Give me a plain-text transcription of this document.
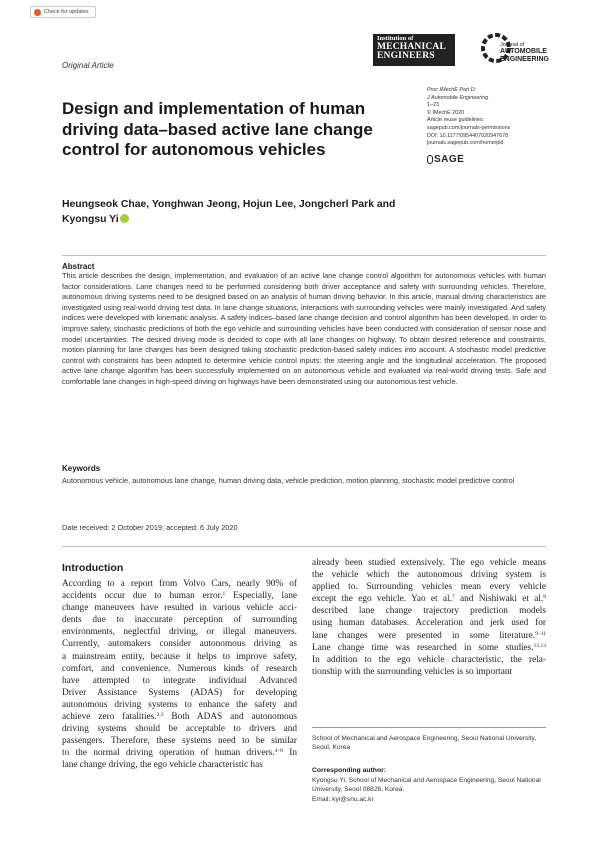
Check for updates
Original Article
Institution of
MECHANICAL
ENGINEERS
Journal of
AUTOMOBILE
ENGINEERING
Design and implementation of human driving data–based active lane change control for autonomous vehicles
Proc IMechE Part D:
J Automobile Engineering
1–23
© IMechE 2020
Article reuse guidelines:
sagepub.com/journals-permissions
DOI: 10.1177/0954407020947678
journals.sagepub.com/home/pid
SAGE
Heungseok Chae, Yonghwan Jeong, Hojun Lee, Jongcherl Park and
Kyongsu Yi
Abstract

This article describes the design, implementation, and evaluation of an active lane change control algorithm for autonomous vehicles with human factor considerations. Lane changes need to be performed considering both driver acceptance and safety with surrounding vehicles. Therefore, autonomous driving systems need to be designed based on an analysis of human driving behavior. In this article, manual driving characteristics are investigated using real-world driving test data. In lane change situations, interactions with surrounding vehicles were mainly investigated. And safety indices were developed with kinematic analysis. A safety indices–based lane change decision and control algorithm has been developed. In order to improve safety, stochastic predictions of both the ego vehicle and surrounding vehicles have been conducted with consideration of sensor noise and model uncertainties. The desired driving mode is decided to cope with all lane changes on highway. To obtain desired reference and constraints, motion planning for lane changes has been designed taking stochastic prediction-based safety indices into account. A stochastic model predictive control with constraints has been adopted to determine vehicle control inputs: the steering angle and the longitudinal acceleration. The proposed active lane change algorithm has been successfully implemented on an autonomous vehicle and evaluated via real-world driving tests. Safe and comfortable lane changes in high-speed driving on highways have been demonstrated using our autonomous test vehicle.

Keywords

Autonomous vehicle, autonomous lane change, human driving data, vehicle prediction, motion planning, stochastic model predictive control

Date received: 2 October 2019; accepted: 6 July 2020
Introduction
According to a report from Volvo Cars, nearly 90% of
accidents occur due to human error.$^1$ Especially, lane
change maneuvers have resulted in various vehicle acci-
dents due to inaccurate perception of surrounding
environments, neglectful driving, or illegal maneuvers.
Currently, automakers consider autonomous driving as
a mainstream entity, because it helps to improve safety,
comfort, and convenience. Numerous kinds of research
have attempted to integrate individual Advanced
Driver Assistance Systems (ADAS) for developing
autonomous driving systems to enhance the safety and
achieve zero fatalities.$^{2,3}$ Both ADAS and autonomous
driving systems should be acceptable to drivers and
passengers. Therefore, these systems need to be similar
to the normal driving operation of human drivers.$^{4-6}$ In
lane change driving, the ego vehicle characteristic has
already been studied extensively. The ego vehicle means
the vehicle which the autonomous driving system is
applied to. Surrounding vehicles mean every vehicle
except the ego vehicle. Yao et al.$^7$ and Nishiwaki et al.$^8$
described lane change trajectory prediction models
using human databases. Acceleration and jerk used for
lane changes were presented in some literature.$^{9-11}$
Lane change time was researched in some studies.$^{12,13}$
In addition to the ego vehicle characteristic, the rela-
tionship with the surrounding vehicles is so important
School of Mechanical and Aerospace Engineering, Seoul National University, Seoul, Korea
Corresponding author:
Kyongsu Yi, School of Mechanical and Aerospace Engineering, Seoul National University, Seoul 08826, Korea.
Email: kyi@snu.ac.kr
